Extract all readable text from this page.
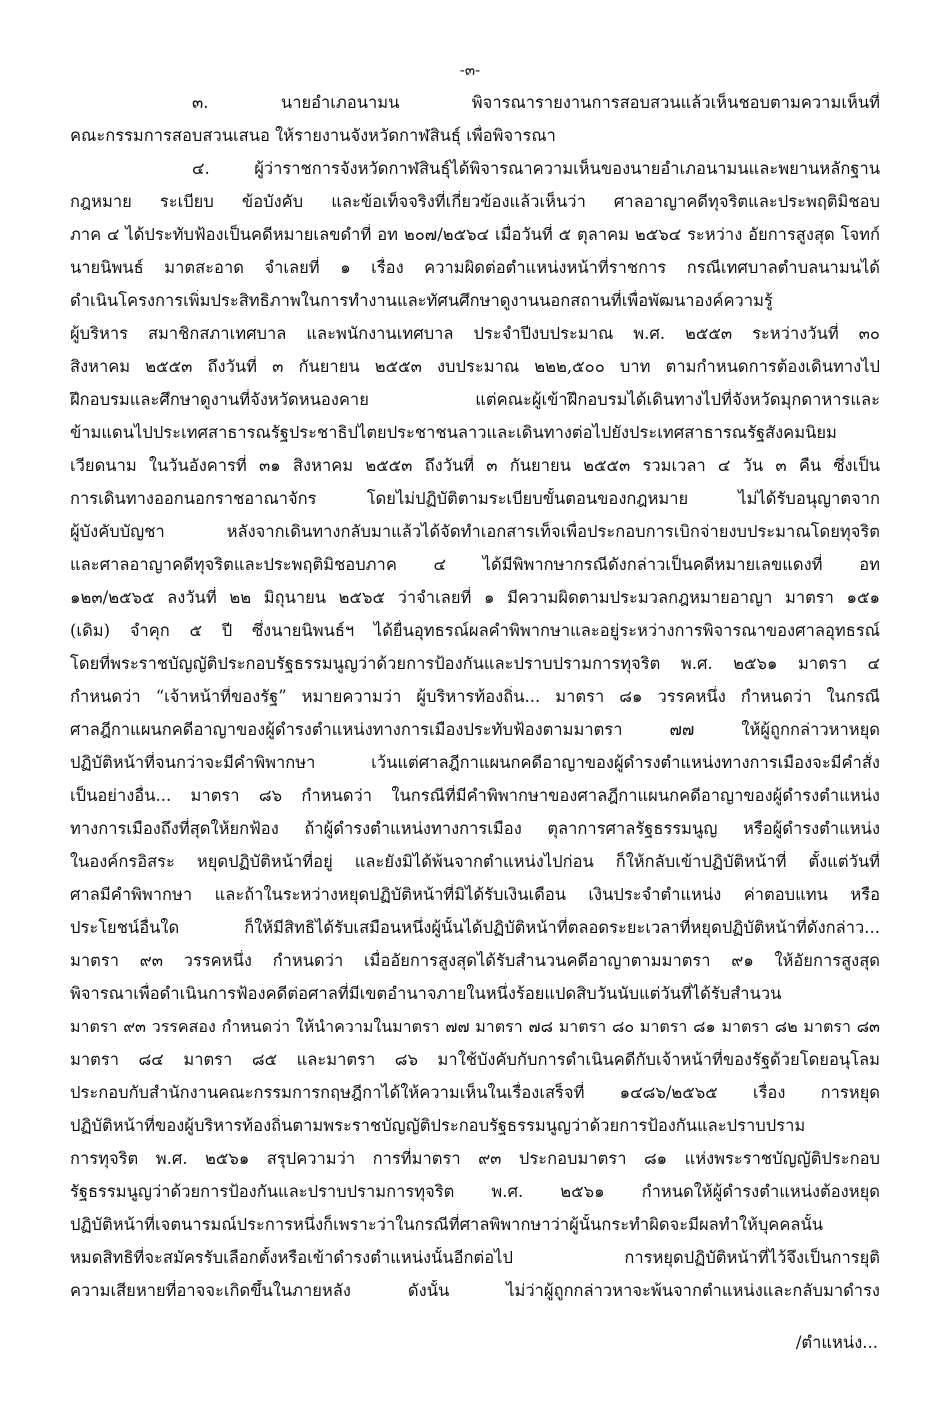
-๓-
๓. นายอำเภอนามน พิจารณารายงานการสอบสวนแล้วเห็นชอบตามความเห็นที่
คณะกรรมการสอบสวนเสนอ ให้รายงานจังหวัดกาฬสินธุ์ เพื่อพิจารณา
๔. ผู้ว่าราชการจังหวัดกาฬสินธุ์ได้พิจารณาความเห็นของนายอำเภอนามนและพยานหลักฐาน
กฎหมาย ระเบียบ ข้อบังคับ และข้อเท็จจริงที่เกี่ยวข้องแล้วเห็นว่า ศาลอาญาคดีทุจริตและประพฤติมิชอบ
ภาค ๔ ได้ประทับฟ้องเป็นคดีหมายเลขดำที่ อท ๒๐๗/๒๕๖๔ เมื่อวันที่ ๕ ตุลาคม ๒๕๖๔ ระหว่าง อัยการสูงสุด โจทก์
นายนิพนธ์ มาตสะอาด จำเลยที่ ๑ เรื่อง ความผิดต่อตำแหน่งหน้าที่ราชการ กรณีเทศบาลตำบลนามนได้
ดำเนินโครงการเพิ่มประสิทธิภาพในการทำงานและทัศนศึกษาดูงานนอกสถานที่เพื่อพัฒนาองค์ความรู้
ผู้บริหาร สมาชิกสภาเทศบาล และพนักงานเทศบาล ประจำปีงบประมาณ พ.ศ. ๒๕๕๓ ระหว่างวันที่ ๓๐
สิงหาคม ๒๕๕๓ ถึงวันที่ ๓ กันยายน ๒๕๕๓ งบประมาณ ๒๒๒,๕๐๐ บาท ตามกำหนดการต้องเดินทางไป
ฝึกอบรมและศึกษาดูงานที่จังหวัดหนองคาย แต่คณะผู้เข้าฝึกอบรมได้เดินทางไปที่จังหวัดมุกดาหารและ
ข้ามแดนไปประเทศสาธารณรัฐประชาธิปไตยประชาชนลาวและเดินทางต่อไปยังประเทศสาธารณรัฐสังคมนิยม
เวียดนาม ในวันอังคารที่ ๓๑ สิงหาคม ๒๕๕๓ ถึงวันที่ ๓ กันยายน ๒๕๕๓ รวมเวลา ๔ วัน ๓ คืน ซึ่งเป็น
การเดินทางออกนอกราชอาณาจักร โดยไม่ปฏิบัติตามระเบียบขั้นตอนของกฎหมาย ไม่ได้รับอนุญาตจาก
ผู้บังคับบัญชา หลังจากเดินทางกลับมาแล้วได้จัดทำเอกสารเท็จเพื่อประกอบการเบิกจ่ายงบประมาณโดยทุจริต
และศาลอาญาคดีทุจริตและประพฤติมิชอบภาค ๔ ได้มีพิพากษากรณีดังกล่าวเป็นคดีหมายเลขแดงที่ อท
๑๒๓/๒๕๖๕ ลงวันที่ ๒๒ มิถุนายน ๒๕๖๕ ว่าจำเลยที่ ๑ มีความผิดตามประมวลกฎหมายอาญา มาตรา ๑๕๑
(เดิม) จำคุก ๕ ปี ซึ่งนายนิพนธ์ฯ ได้ยื่นอุทธรณ์ผลคำพิพากษาและอยู่ระหว่างการพิจารณาของศาลอุทธรณ์
โดยที่พระราชบัญญัติประกอบรัฐธรรมนูญว่าด้วยการป้องกันและปราบปรามการทุจริต พ.ศ. ๒๕๖๑ มาตรา ๔
กำหนดว่า “เจ้าหน้าที่ของรัฐ” หมายความว่า ผู้บริหารท้องถิ่น... มาตรา ๘๑ วรรคหนึ่ง กำหนดว่า ในกรณี
ศาลฎีกาแผนกคดีอาญาของผู้ดำรงตำแหน่งทางการเมืองประทับฟ้องตามมาตรา ๗๗ ให้ผู้ถูกกล่าวหาหยุด
ปฏิบัติหน้าที่จนกว่าจะมีคำพิพากษา เว้นแต่ศาลฎีกาแผนกคดีอาญาของผู้ดำรงตำแหน่งทางการเมืองจะมีคำสั่ง
เป็นอย่างอื่น... มาตรา ๘๖ กำหนดว่า ในกรณีที่มีคำพิพากษาของศาลฎีกาแผนกคดีอาญาของผู้ดำรงตำแหน่ง
ทางการเมืองถึงที่สุดให้ยกฟ้อง ถ้าผู้ดำรงตำแหน่งทางการเมือง ตุลาการศาลรัฐธรรมนูญ หรือผู้ดำรงตำแหน่ง
ในองค์กรอิสระ หยุดปฏิบัติหน้าที่อยู่ และยังมิได้พ้นจากตำแหน่งไปก่อน ก็ให้กลับเข้าปฏิบัติหน้าที่ ตั้งแต่วันที่
ศาลมีคำพิพากษา และถ้าในระหว่างหยุดปฏิบัติหน้าที่มิได้รับเงินเดือน เงินประจำตำแหน่ง ค่าตอบแทน หรือ
ประโยชน์อื่นใด ก็ให้มีสิทธิได้รับเสมือนหนึ่งผู้นั้นได้ปฏิบัติหน้าที่ตลอดระยะเวลาที่หยุดปฏิบัติหน้าที่ดังกล่าว...
มาตรา ๙๓ วรรคหนึ่ง กำหนดว่า เมื่ออัยการสูงสุดได้รับสำนวนคดีอาญาตามมาตรา ๙๑ ให้อัยการสูงสุด
พิจารณาเพื่อดำเนินการฟ้องคดีต่อศาลที่มีเขตอำนาจภายในหนึ่งร้อยแปดสิบวันนับแต่วันที่ได้รับสำนวน
มาตรา ๙๓ วรรคสอง กำหนดว่า ให้นำความในมาตรา ๗๗ มาตรา ๗๘ มาตรา ๘๐ มาตรา ๘๑ มาตรา ๘๒ มาตรา ๘๓
มาตรา ๘๔ มาตรา ๘๕ และมาตรา ๘๖ มาใช้บังคับกับการดำเนินคดีกับเจ้าหน้าที่ของรัฐด้วยโดยอนุโลม
ประกอบกับสำนักงานคณะกรรมการกฤษฎีกาได้ให้ความเห็นในเรื่องเสร็จที่ ๑๔๘๖/๒๕๖๕ เรื่อง การหยุด
ปฏิบัติหน้าที่ของผู้บริหารท้องถิ่นตามพระราชบัญญัติประกอบรัฐธรรมนูญว่าด้วยการป้องกันและปราบปราม
การทุจริต พ.ศ. ๒๕๖๑ สรุปความว่า การที่มาตรา ๙๓ ประกอบมาตรา ๘๑ แห่งพระราชบัญญัติประกอบ
รัฐธรรมนูญว่าด้วยการป้องกันและปราบปรามการทุจริต พ.ศ. ๒๕๖๑ กำหนดให้ผู้ดำรงตำแหน่งต้องหยุด
ปฏิบัติหน้าที่เจตนารมณ์ประการหนึ่งก็เพราะว่าในกรณีที่ศาลพิพากษาว่าผู้นั้นกระทำผิดจะมีผลทำให้บุคคลนั้น
หมดสิทธิที่จะสมัครรับเลือกตั้งหรือเข้าดำรงตำแหน่งนั้นอีกต่อไป การหยุดปฏิบัติหน้าที่ไว้จึงเป็นการยุติ
ความเสียหายที่อาจจะเกิดขึ้นในภายหลัง ดังนั้น ไม่ว่าผู้ถูกกล่าวหาจะพ้นจากตำแหน่งและกลับมาดำรง
/ตำแหน่ง...
